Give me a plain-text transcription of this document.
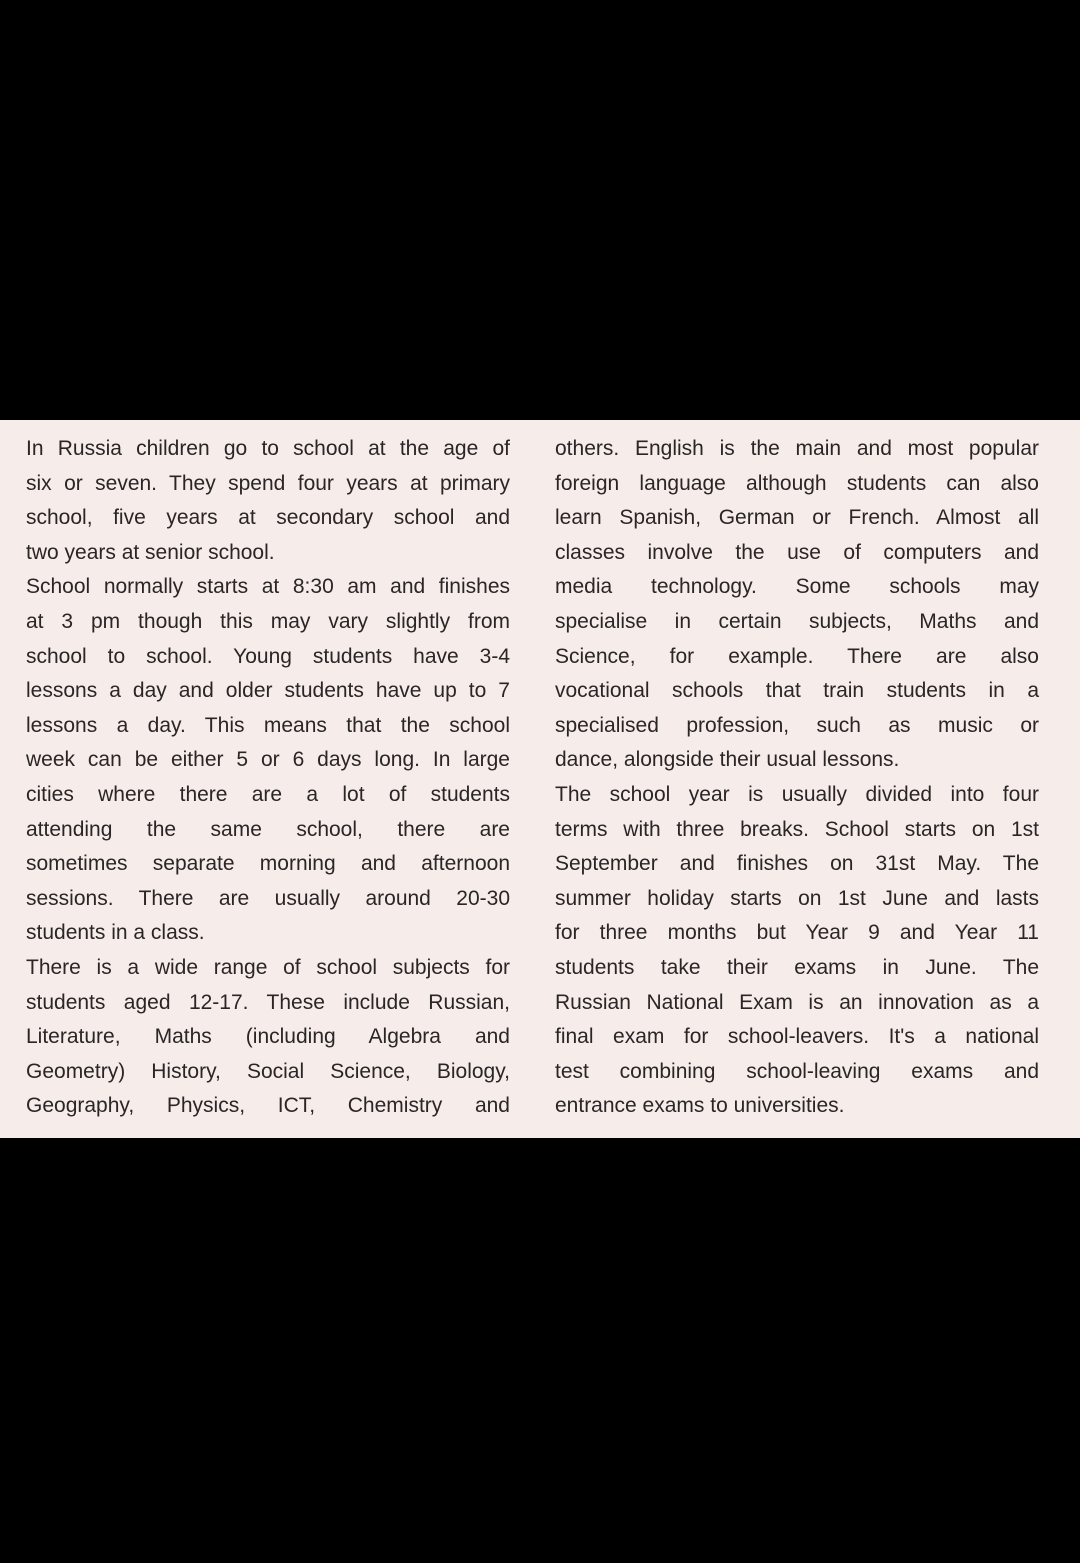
In Russia children go to school at the age of
six or seven. They spend four years at primary
school, five years at secondary school and
two years at senior school.
School normally starts at 8:30 am and finishes
at 3 pm though this may vary slightly from
school to school. Young students have 3-4
lessons a day and older students have up to 7
lessons a day. This means that the school
week can be either 5 or 6 days long. In large
cities where there are a lot of students
attending the same school, there are
sometimes separate morning and afternoon
sessions. There are usually around 20-30
students in a class.
There is a wide range of school subjects for
students aged 12-17. These include Russian,
Literature, Maths (including Algebra and
Geometry) History, Social Science, Biology,
Geography, Physics, ICT, Chemistry and
others. English is the main and most popular
foreign language although students can also
learn Spanish, German or French. Almost all
classes involve the use of computers and
media technology. Some schools may
specialise in certain subjects, Maths and
Science, for example. There are also
vocational schools that train students in a
specialised profession, such as music or
dance, alongside their usual lessons.
The school year is usually divided into four
terms with three breaks. School starts on 1st
September and finishes on 31st May. The
summer holiday starts on 1st June and lasts
for three months but Year 9 and Year 11
students take their exams in June. The
Russian National Exam is an innovation as a
final exam for school-leavers. It's a national
test combining school-leaving exams and
entrance exams to universities.
